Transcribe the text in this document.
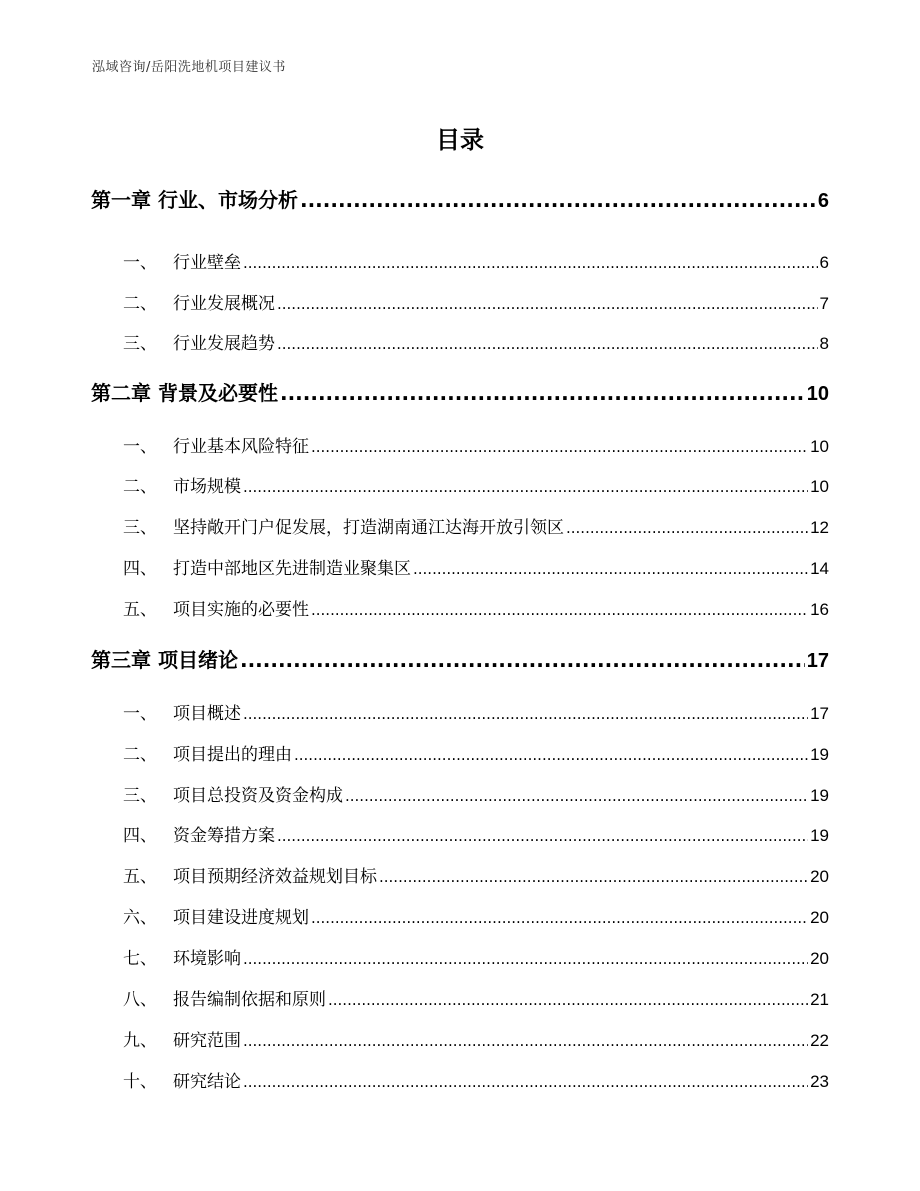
泓域咨询/岳阳洗地机项目建议书
目录
第一章 行业、市场分析 .....	6
一、 行业壁垒 .....	6
二、 行业发展概况 .....	7
三、 行业发展趋势 .....	8
第二章 背景及必要性 .....	10
一、 行业基本风险特征 .....	10
二、 市场规模 .....	10
三、 坚持敞开门户促发展，打造湖南通江达海开放引领区 .....	12
四、 打造中部地区先进制造业聚集区 .....	14
五、 项目实施的必要性 .....	16
第三章 项目绪论 .....	17
一、 项目概述 .....	17
二、 项目提出的理由 .....	19
三、 项目总投资及资金构成 .....	19
四、 资金筹措方案 .....	19
五、 项目预期经济效益规划目标 .....	20
六、 项目建设进度规划 .....	20
七、 环境影响 .....	20
八、 报告编制依据和原则 .....	21
九、 研究范围 .....	22
十、 研究结论 .....	23
